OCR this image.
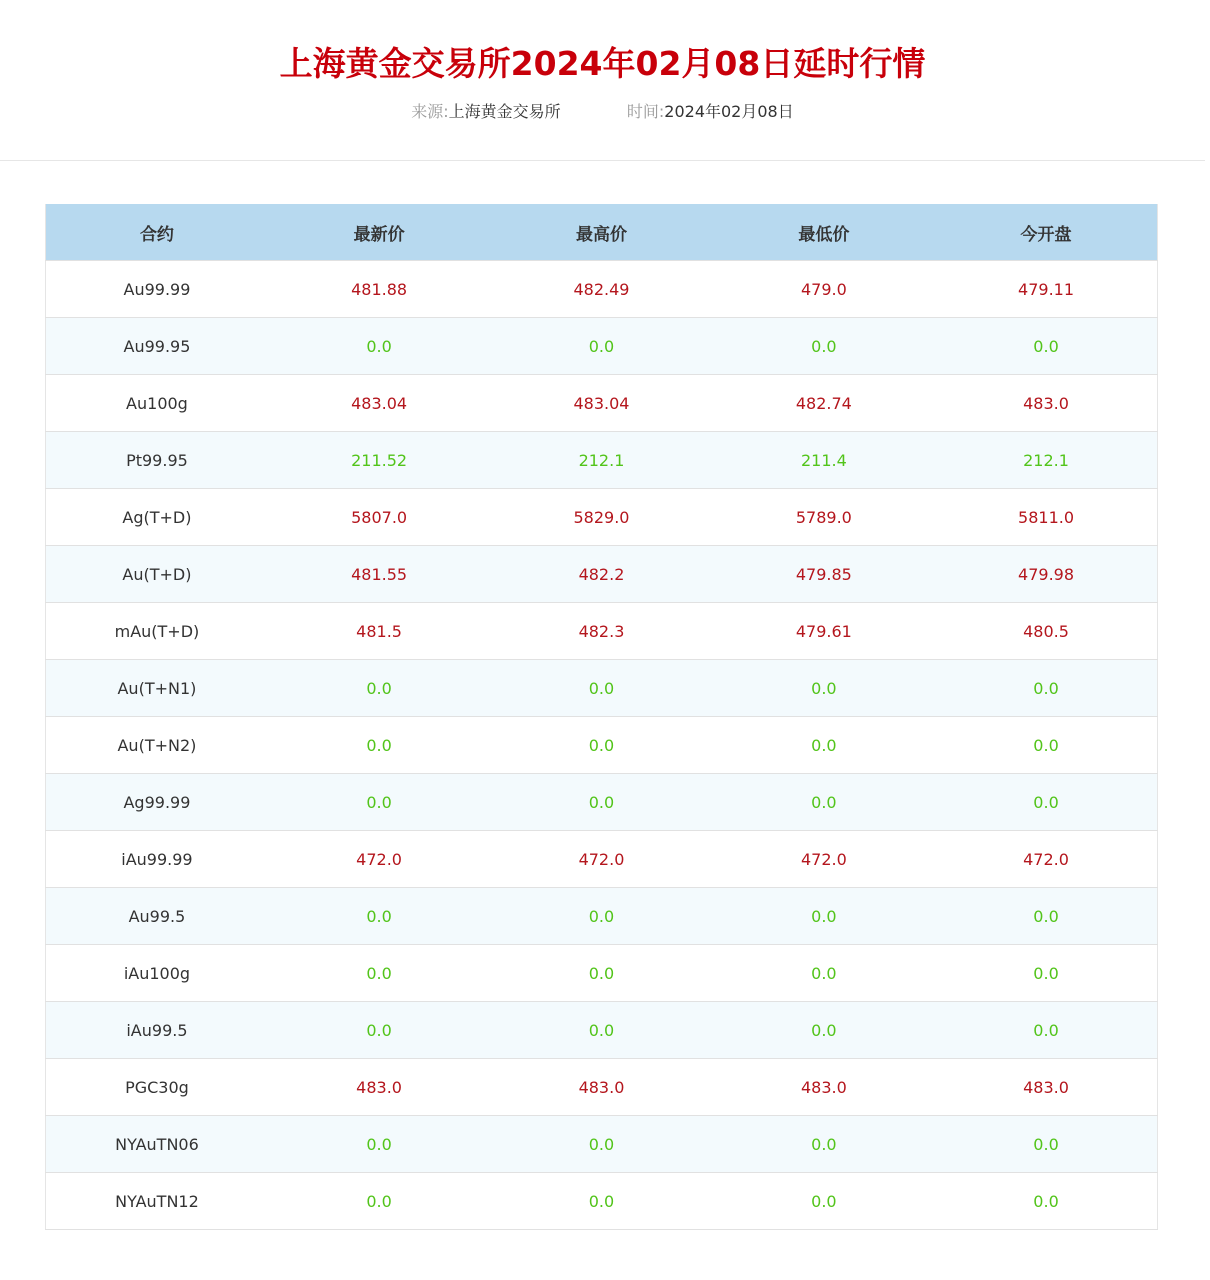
上海黄金交易所2024年02月08日延时行情
来源:上海黄金交易所	时间:2024年02月08日
合约	最新价	最高价	最低价	今开盘
Au99.99	481.88	482.49	479.0	479.11
Au99.95	0.0	0.0	0.0	0.0
Au100g	483.04	483.04	482.74	483.0
Pt99.95	211.52	212.1	211.4	212.1
Ag(T+D)	5807.0	5829.0	5789.0	5811.0
Au(T+D)	481.55	482.2	479.85	479.98
mAu(T+D)	481.5	482.3	479.61	480.5
Au(T+N1)	0.0	0.0	0.0	0.0
Au(T+N2)	0.0	0.0	0.0	0.0
Ag99.99	0.0	0.0	0.0	0.0
iAu99.99	472.0	472.0	472.0	472.0
Au99.5	0.0	0.0	0.0	0.0
iAu100g	0.0	0.0	0.0	0.0
iAu99.5	0.0	0.0	0.0	0.0
PGC30g	483.0	483.0	483.0	483.0
NYAuTN06	0.0	0.0	0.0	0.0
NYAuTN12	0.0	0.0	0.0	0.0
